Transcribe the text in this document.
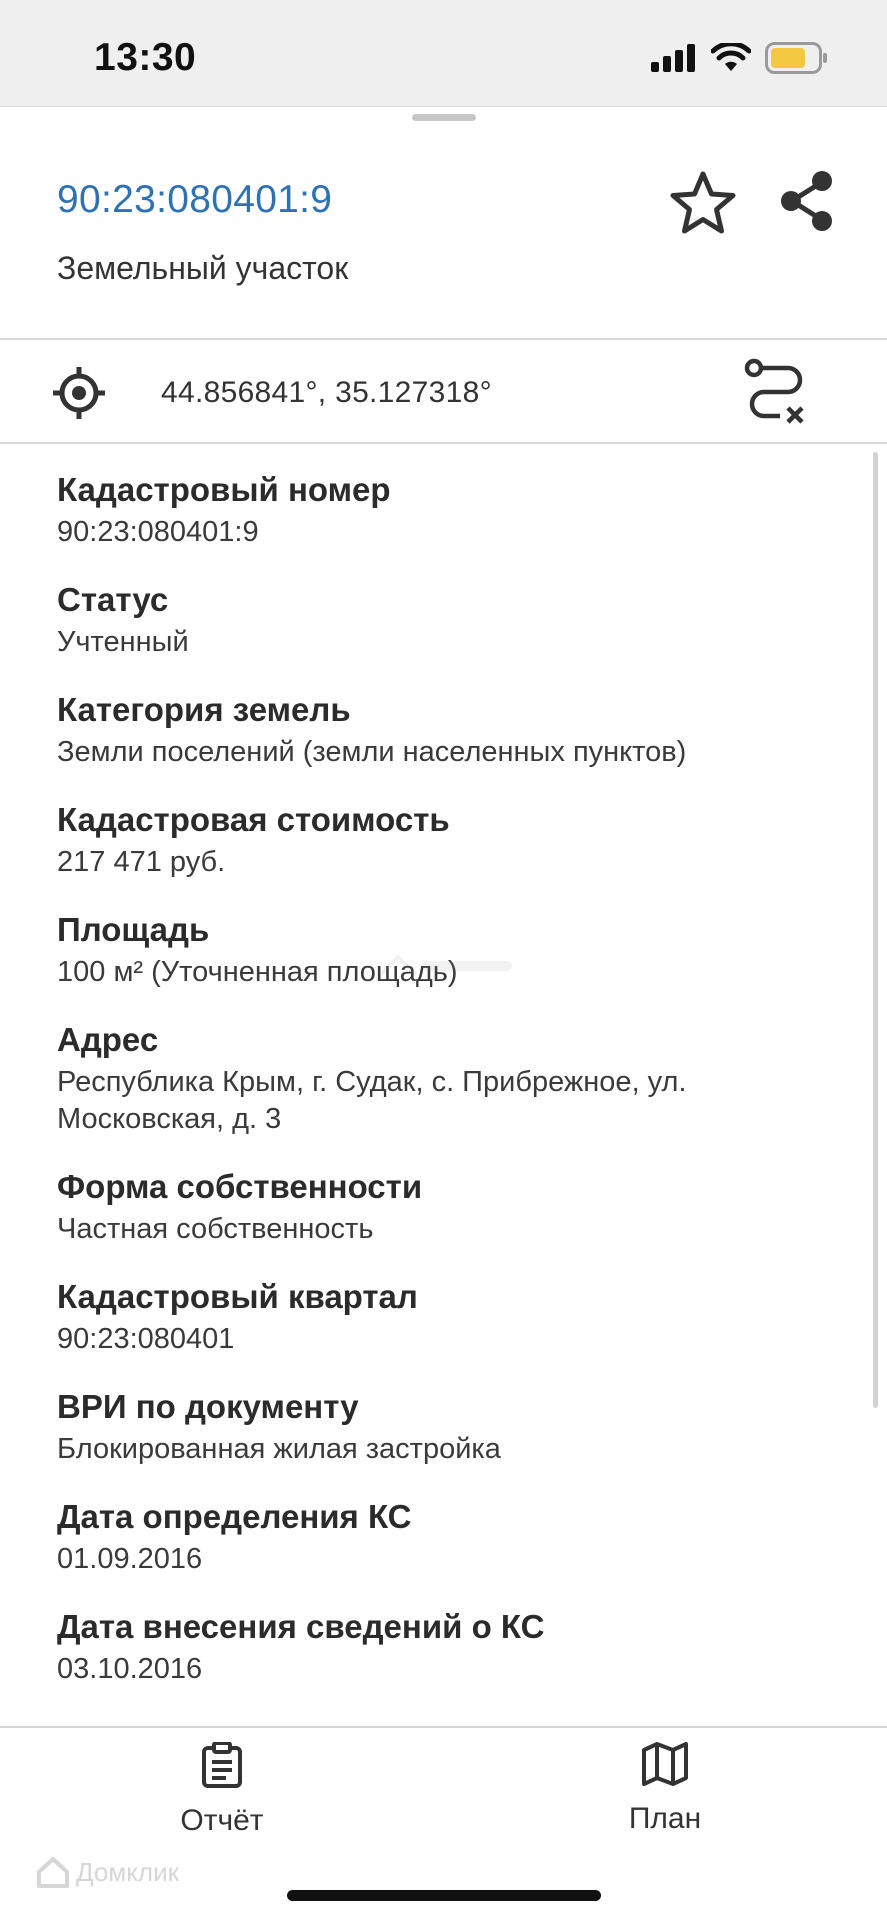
13:30
90:23:080401:9
Земельный участок
44.856841°, 35.127318°
Кадастровый номер
90:23:080401:9
Статус
Учтенный
Категория земель
Земли поселений (земли населенных пунктов)
Кадастровая стоимость
217 471 руб.
Площадь
100 м² (Уточненная площадь)
Адрес
Республика Крым, г. Судак, с. Прибрежное, ул. Московская, д. 3
Форма собственности
Частная собственность
Кадастровый квартал
90:23:080401
ВРИ по документу
Блокированная жилая застройка
Дата определения КС
01.09.2016
Дата внесения сведений о КС
03.10.2016
Отчёт	План
Домклик
